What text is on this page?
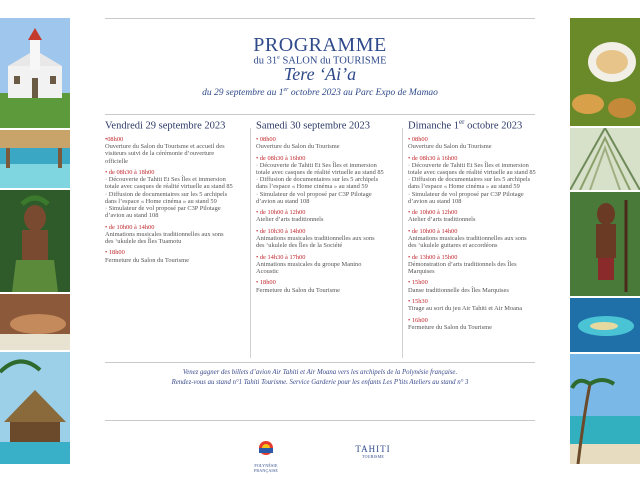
PROGRAMME
du 31e SALON du TOURISME
Tere ‘Ai’a
du 29 septembre au 1er octobre 2023 au Parc Expo de Mamao
Vendredi 29 septembre 2023
•08h00
Ouverture du Salon du Tourisme et accueil des
visiteurs suivi de la cérémonie d’ouverture
officielle
• de 08h30 à 18h00
· Découverte de Tahiti Et Ses Îles et immersion
totale avec casques de réalité virtuelle au stand 85
· Diffusion de documentaires sur les 5 archipels
dans l’espace « Home cinéma » au stand 59
· Simulateur de vol proposé par C3P Pilotage
d’avion au stand 108
• de 10h00 à 14h00
Animations musicales traditionnelles aux sons
des ‘ukulele des Îles Tuamotu
• 18h00
Fermeture du Salon du Tourisme
Samedi 30 septembre 2023
• 08h00
Ouverture du Salon du Tourisme
• de 08h30 à 16h00
· Découverte de Tahiti Et Ses Îles et immersion
totale avec casques de réalité virtuelle au stand 85
· Diffusion de documentaires sur les 5 archipels
dans l’espace « Home cinéma » au stand 59
· Simulateur de vol proposé par C3P Pilotage
d’avion au stand 108
• de 10h00 à 12h00
Atelier d’arts traditionnels
• de 10h30 à 14h00
Animations musicales traditionnelles aux sons
des ‘ukulele des Îles de la Société
• de 14h30 à 17h00
Animations musicales du groupe Manino
Acoustic
• 18h00
Fermeture du Salon du Tourisme
Dimanche 1er octobre 2023
• 08h00
Ouverture du Salon du Tourisme
• de 08h30 à 16h00
· Découverte de Tahiti Et Ses Îles et immersion
totale avec casques de réalité virtuelle au stand 85
· Diffusion de documentaires sur les 5 archipels
dans l’espace « Home cinéma » au stand 59
· Simulateur de vol proposé par C3P Pilotage
d’avion au stand 108
• de 10h00 à 12h00
Atelier d’arts traditionnels
• de 10h00 à 14h00
Animations musicales traditionnelles aux sons
des ‘ukulele guitares et accordéons
• de 13h00 à 15h00
Démonstration d’arts traditionnels des Îles
Marquises
• 15h00
Danse traditionnelle des Îles Marquises
• 15h30
Tirage au sort du jeu Air Tahiti et Air Moana
• 16h00
Fermeture du Salon du Tourisme
Venez gagner des billets d’avion Air Tahiti et Air Moana vers les archipels de la Polynésie française.
Rendez-vous au stand n°1 Tahiti Tourisme. Service Garderie pour les enfants Les P’tits Ateliers au stand n° 3
POLYNÉSIE FRANÇAISE
TAHITI
TOURISME
